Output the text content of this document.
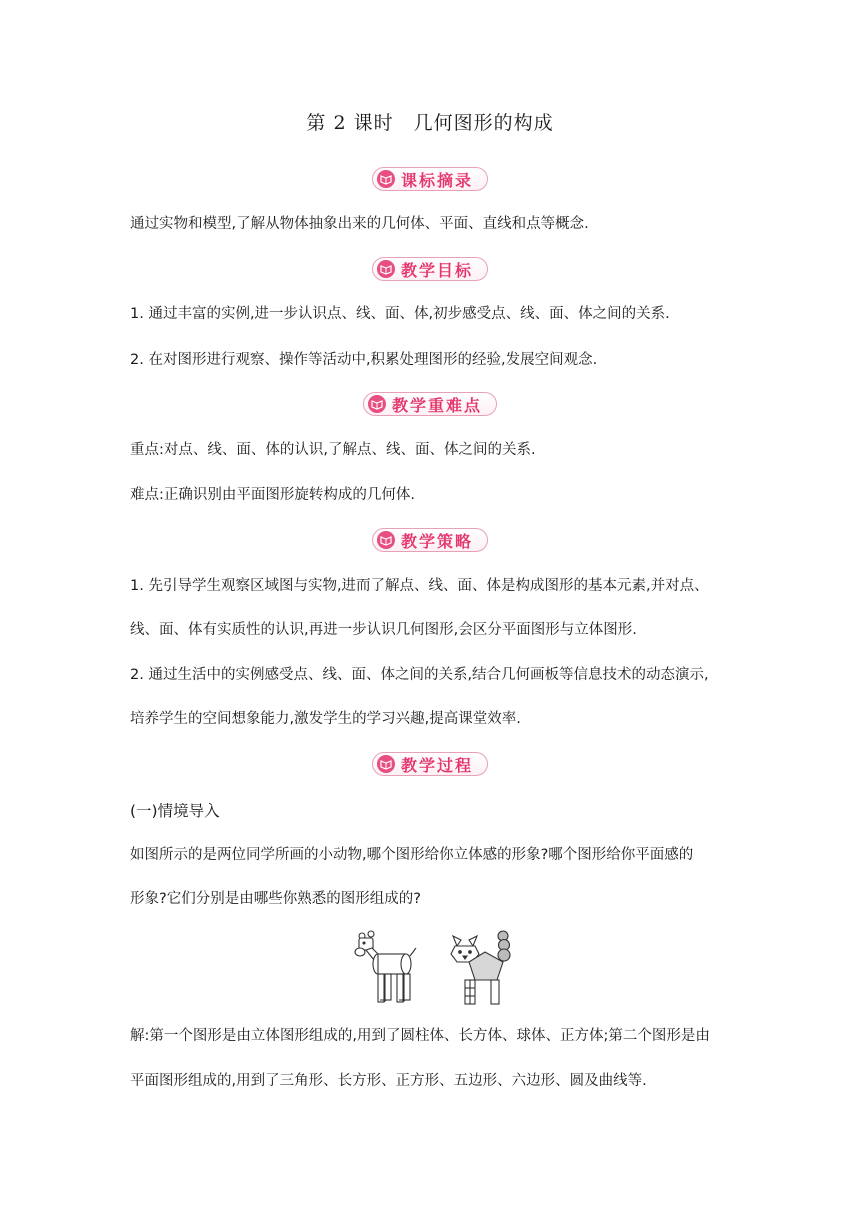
第 2 课时　几何图形的构成
课标摘录
通过实物和模型,了解从物体抽象出来的几何体、平面、直线和点等概念.
教学目标
1. 通过丰富的实例,进一步认识点、线、面、体,初步感受点、线、面、体之间的关系.
2. 在对图形进行观察、操作等活动中,积累处理图形的经验,发展空间观念.
教学重难点
重点:对点、线、面、体的认识,了解点、线、面、体之间的关系.
难点:正确识别由平面图形旋转构成的几何体.
教学策略
1. 先引导学生观察区域图与实物,进而了解点、线、面、体是构成图形的基本元素,并对点、
线、面、体有实质性的认识,再进一步认识几何图形,会区分平面图形与立体图形.
2. 通过生活中的实例感受点、线、面、体之间的关系,结合几何画板等信息技术的动态演示,
培养学生的空间想象能力,激发学生的学习兴趣,提高课堂效率.
教学过程
(一)情境导入
如图所示的是两位同学所画的小动物,哪个图形给你立体感的形象?哪个图形给你平面感的
形象?它们分别是由哪些你熟悉的图形组成的?
解:第一个图形是由立体图形组成的,用到了圆柱体、长方体、球体、正方体;第二个图形是由
平面图形组成的,用到了三角形、长方形、正方形、五边形、六边形、圆及曲线等.
